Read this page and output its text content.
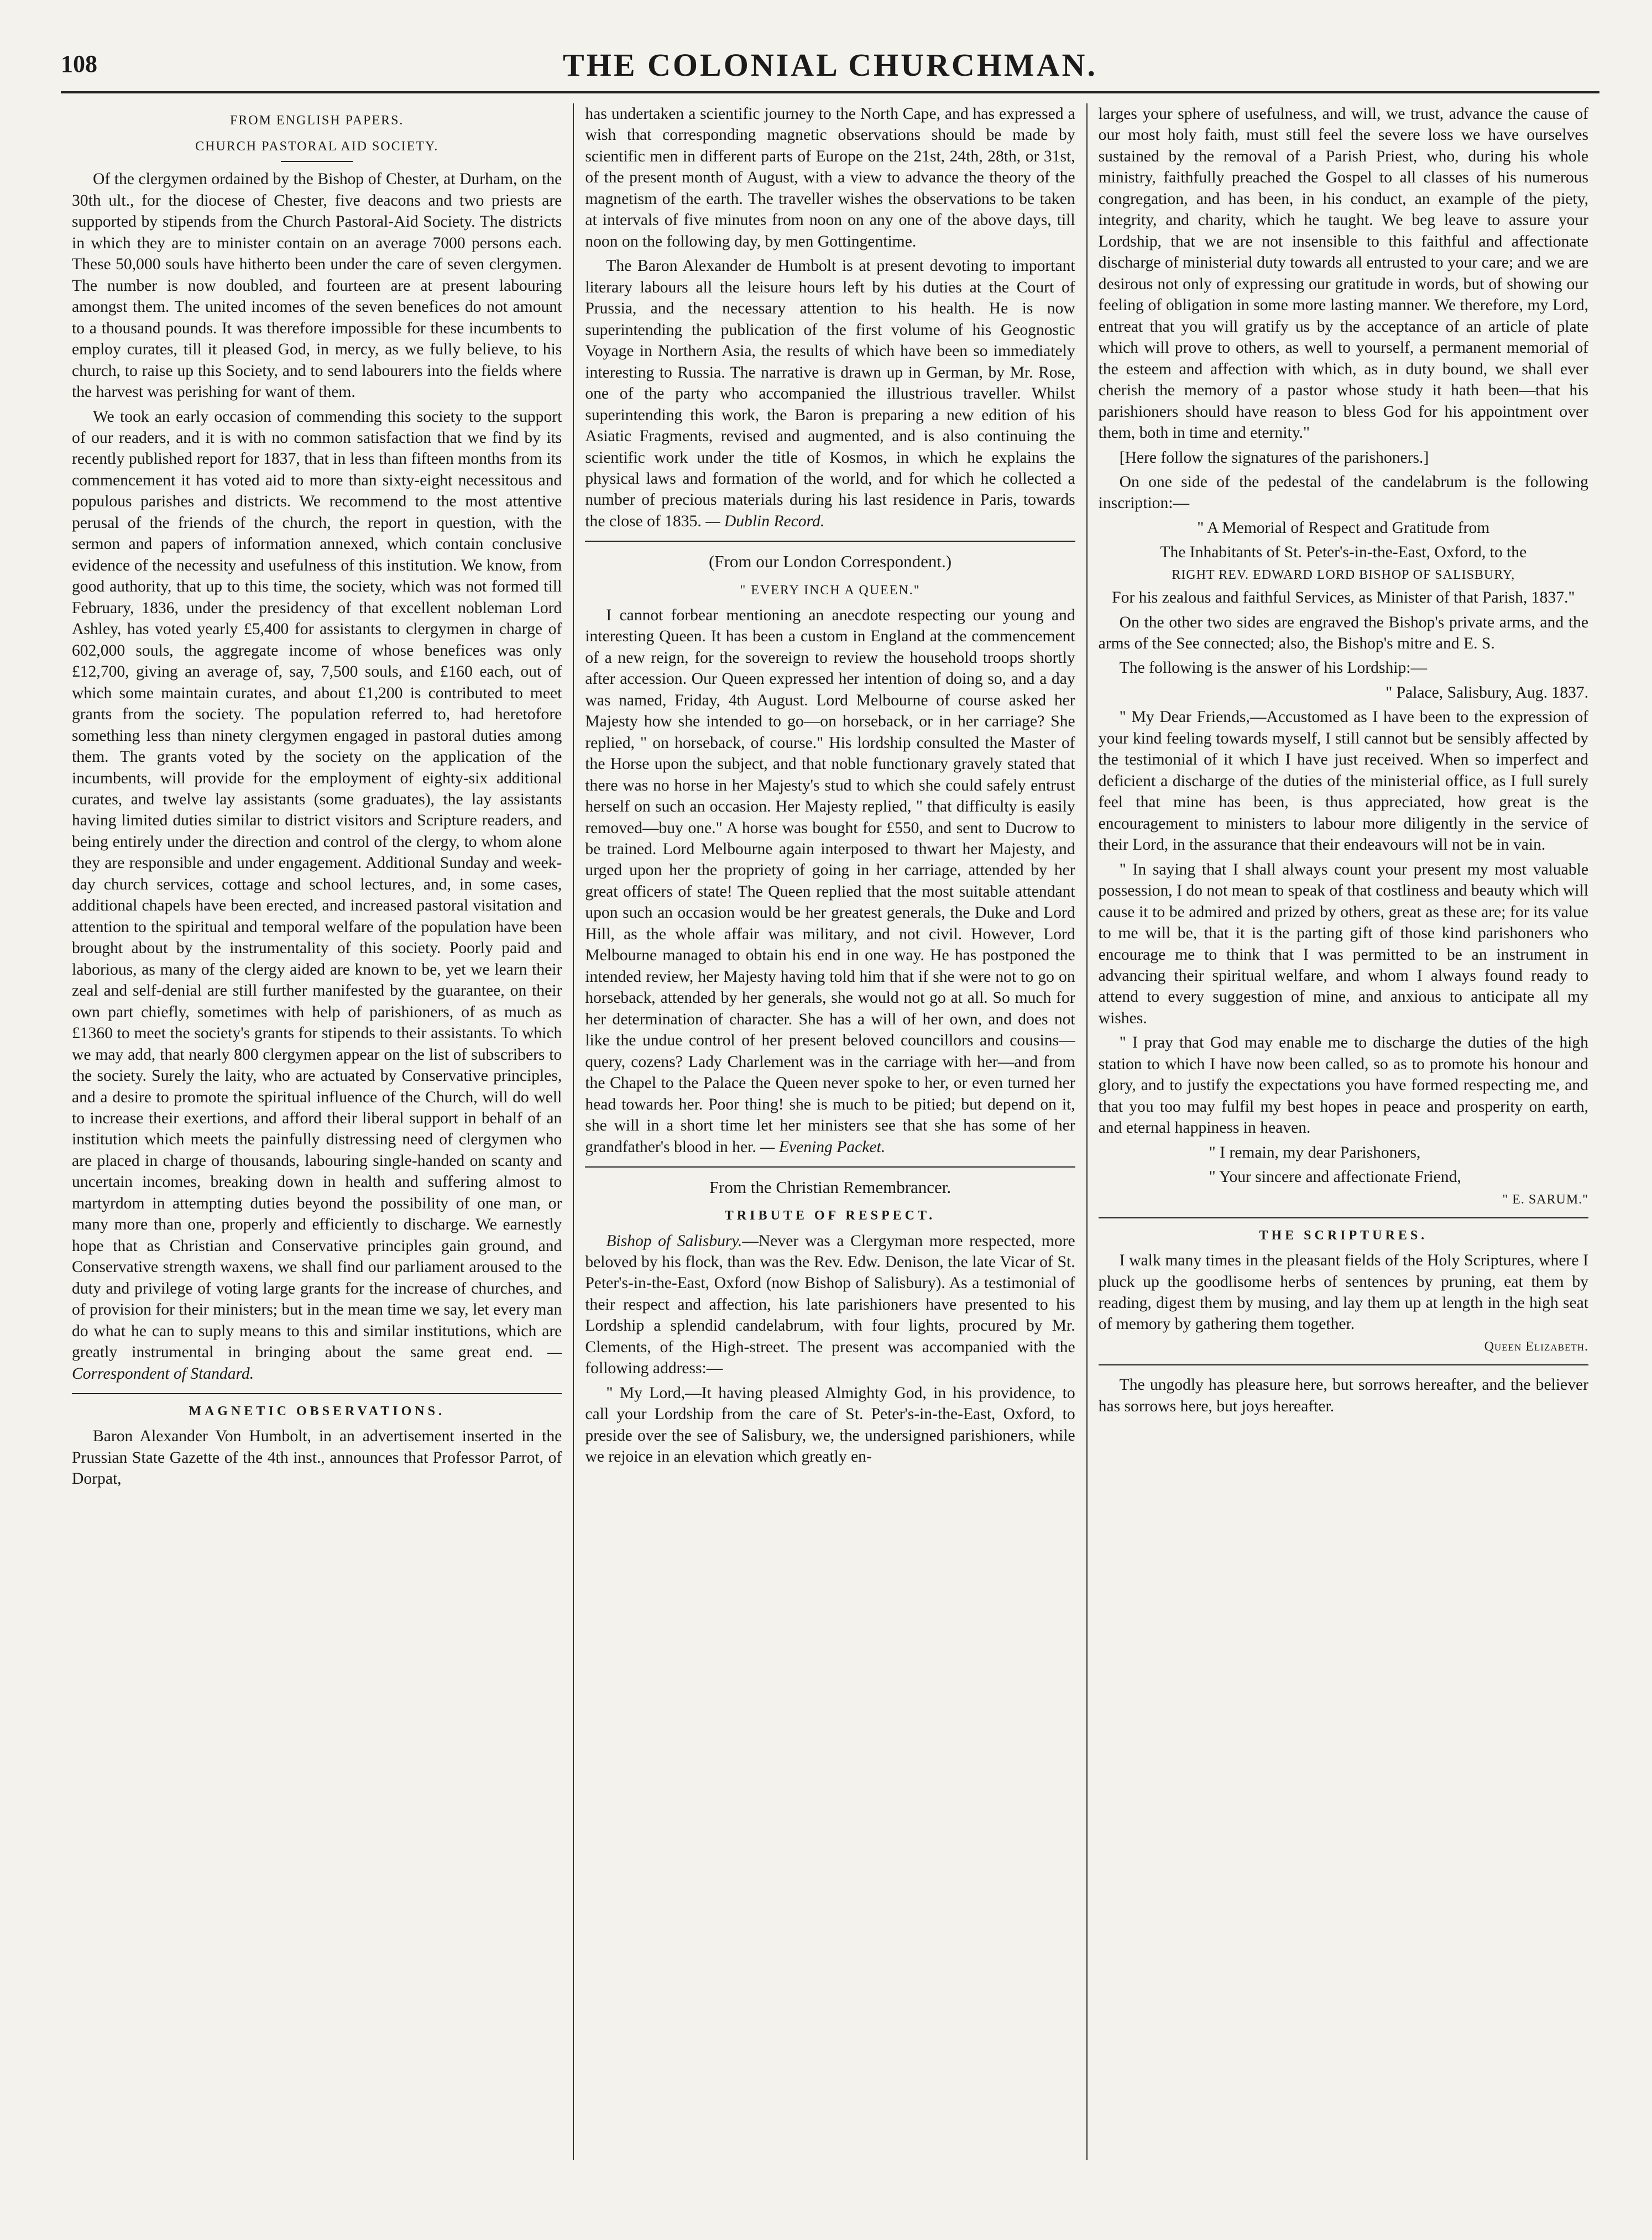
108	THE COLONIAL CHURCHMAN.
FROM ENGLISH PAPERS.
CHURCH PASTORAL AID SOCIETY.

Of the clergymen ordained by the Bishop of Chester, at Durham, on the 30th ult., for the diocese of Chester, five deacons and two priests are supported by stipends from the Church Pastoral-Aid Society. The districts in which they are to minister contain on an average 7000 persons each. These 50,000 souls have hitherto been under the care of seven clergymen. The number is now doubled, and fourteen are at present labouring amongst them. The united incomes of the seven benefices do not amount to a thousand pounds. It was therefore impossible for these incumbents to employ curates, till it pleased God, in mercy, as we fully believe, to his church, to raise up this Society, and to send labourers into the fields where the harvest was perishing for want of them.

We took an early occasion of commending this society to the support of our readers, and it is with no common satisfaction that we find by its recently published report for 1837, that in less than fifteen months from its commencement it has voted aid to more than sixty-eight necessitous and populous parishes and districts. We recommend to the most attentive perusal of the friends of the church, the report in question, with the sermon and papers of information annexed, which contain conclusive evidence of the necessity and usefulness of this institution. We know, from good authority, that up to this time, the society, which was not formed till February, 1836, under the presidency of that excellent nobleman Lord Ashley, has voted yearly £5,400 for assistants to clergymen in charge of 602,000 souls, the aggregate income of whose benefices was only £12,700, giving an average of, say, 7,500 souls, and £160 each, out of which some maintain curates, and about £1,200 is contributed to meet grants from the society. The population referred to, had heretofore something less than ninety clergymen engaged in pastoral duties among them. The grants voted by the society on the application of the incumbents, will provide for the employment of eighty-six additional curates, and twelve lay assistants (some graduates), the lay assistants having limited duties similar to district visitors and Scripture readers, and being entirely under the direction and control of the clergy, to whom alone they are responsible and under engagement. Additional Sunday and week-day church services, cottage and school lectures, and, in some cases, additional chapels have been erected, and increased pastoral visitation and attention to the spiritual and temporal welfare of the population have been brought about by the instrumentality of this society. Poorly paid and laborious, as many of the clergy aided are known to be, yet we learn their zeal and self-denial are still further manifested by the guarantee, on their own part chiefly, sometimes with help of parishioners, of as much as £1360 to meet the society's grants for stipends to their assistants. To which we may add, that nearly 800 clergymen appear on the list of subscribers to the society. Surely the laity, who are actuated by Conservative principles, and a desire to promote the spiritual influence of the Church, will do well to increase their exertions, and afford their liberal support in behalf of an institution which meets the painfully distressing need of clergymen who are placed in charge of thousands, labouring single-handed on scanty and uncertain incomes, breaking down in health and suffering almost to martyrdom in attempting duties beyond the possibility of one man, or many more than one, properly and efficiently to discharge. We earnestly hope that as Christian and Conservative principles gain ground, and Conservative strength waxens, we shall find our parliament aroused to the duty and privilege of voting large grants for the increase of churches, and of provision for their ministers; but in the mean time we say, let every man do what he can to suply means to this and similar institutions, which are greatly instrumental in bringing about the same great end. — Correspondent of Standard.

MAGNETIC OBSERVATIONS.

Baron Alexander Von Humbolt, in an advertisement inserted in the Prussian State Gazette of the 4th inst., announces that Professor Parrot, of Dorpat,

has undertaken a scientific journey to the North Cape, and has expressed a wish that corresponding magnetic observations should be made by scientific men in different parts of Europe on the 21st, 24th, 28th, or 31st, of the present month of August, with a view to advance the theory of the magnetism of the earth. The traveller wishes the observations to be taken at intervals of five minutes from noon on any one of the above days, till noon on the following day, by men Gottingentime.

The Baron Alexander de Humbolt is at present devoting to important literary labours all the leisure hours left by his duties at the Court of Prussia, and the necessary attention to his health. He is now superintending the publication of the first volume of his Geognostic Voyage in Northern Asia, the results of which have been so immediately interesting to Russia. The narrative is drawn up in German, by Mr. Rose, one of the party who accompanied the illustrious traveller. Whilst superintending this work, the Baron is preparing a new edition of his Asiatic Fragments, revised and augmented, and is also continuing the scientific work under the title of Kosmos, in which he explains the physical laws and formation of the world, and for which he collected a number of precious materials during his last residence in Paris, towards the close of 1835. — Dublin Record.

(From our London Correspondent.)
" EVERY INCH A QUEEN."

I cannot forbear mentioning an anecdote respecting our young and interesting Queen. It has been a custom in England at the commencement of a new reign, for the sovereign to review the household troops shortly after accession. Our Queen expressed her intention of doing so, and a day was named, Friday, 4th August. Lord Melbourne of course asked her Majesty how she intended to go—on horseback, or in her carriage? She replied, " on horseback, of course." His lordship consulted the Master of the Horse upon the subject, and that noble functionary gravely stated that there was no horse in her Majesty's stud to which she could safely entrust herself on such an occasion. Her Majesty replied, " that difficulty is easily removed—buy one." A horse was bought for £550, and sent to Ducrow to be trained. Lord Melbourne again interposed to thwart her Majesty, and urged upon her the propriety of going in her carriage, attended by her great officers of state! The Queen replied that the most suitable attendant upon such an occasion would be her greatest generals, the Duke and Lord Hill, as the whole affair was military, and not civil. However, Lord Melbourne managed to obtain his end in one way. He has postponed the intended review, her Majesty having told him that if she were not to go on horseback, attended by her generals, she would not go at all. So much for her determination of character. She has a will of her own, and does not like the undue control of her present beloved councillors and cousins—query, cozens? Lady Charlement was in the carriage with her—and from the Chapel to the Palace the Queen never spoke to her, or even turned her head towards her. Poor thing! she is much to be pitied; but depend on it, she will in a short time let her ministers see that she has some of her grandfather's blood in her. — Evening Packet.

From the Christian Remembrancer.
TRIBUTE OF RESPECT.

Bishop of Salisbury.—Never was a Clergyman more respected, more beloved by his flock, than was the Rev. Edw. Denison, the late Vicar of St. Peter's-in-the-East, Oxford (now Bishop of Salisbury). As a testimonial of their respect and affection, his late parishioners have presented to his Lordship a splendid candelabrum, with four lights, procured by Mr. Clements, of the High-street. The present was accompanied with the following address:—

" My Lord,—It having pleased Almighty God, in his providence, to call your Lordship from the care of St. Peter's-in-the-East, Oxford, to preside over the see of Salisbury, we, the undersigned parishioners, while we rejoice in an elevation which greatly en-

larges your sphere of usefulness, and will, we trust, advance the cause of our most holy faith, must still feel the severe loss we have ourselves sustained by the removal of a Parish Priest, who, during his whole ministry, faithfully preached the Gospel to all classes of his numerous congregation, and has been, in his conduct, an example of the piety, integrity, and charity, which he taught. We beg leave to assure your Lordship, that we are not insensible to this faithful and affectionate discharge of ministerial duty towards all entrusted to your care; and we are desirous not only of expressing our gratitude in words, but of showing our feeling of obligation in some more lasting manner. We therefore, my Lord, entreat that you will gratify us by the acceptance of an article of plate which will prove to others, as well to yourself, a permanent memorial of the esteem and affection with which, as in duty bound, we shall ever cherish the memory of a pastor whose study it hath been—that his parishioners should have reason to bless God for his appointment over them, both in time and eternity."

[Here follow the signatures of the parishoners.]

On one side of the pedestal of the candelabrum is the following inscription:—

" A Memorial of Respect and Gratitude from

The Inhabitants of St. Peter's-in-the-East, Oxford, to the

RIGHT REV. EDWARD LORD BISHOP OF SALISBURY,

For his zealous and faithful Services, as Minister of that Parish, 1837."

On the other two sides are engraved the Bishop's private arms, and the arms of the See connected; also, the Bishop's mitre and E. S.

The following is the answer of his Lordship:—

" Palace, Salisbury, Aug. 1837.

" My Dear Friends,—Accustomed as I have been to the expression of your kind feeling towards myself, I still cannot but be sensibly affected by the testimonial of it which I have just received. When so imperfect and deficient a discharge of the duties of the ministerial office, as I full surely feel that mine has been, is thus appreciated, how great is the encouragement to ministers to labour more diligently in the service of their Lord, in the assurance that their endeavours will not be in vain.

" In saying that I shall always count your present my most valuable possession, I do not mean to speak of that costliness and beauty which will cause it to be admired and prized by others, great as these are; for its value to me will be, that it is the parting gift of those kind parishoners who encourage me to think that I was permitted to be an instrument in advancing their spiritual welfare, and whom I always found ready to attend to every suggestion of mine, and anxious to anticipate all my wishes.

" I pray that God may enable me to discharge the duties of the high station to which I have now been called, so as to promote his honour and glory, and to justify the expectations you have formed respecting me, and that you too may fulfil my best hopes in peace and prosperity on earth, and eternal happiness in heaven.

" I remain, my dear Parishoners,

" Your sincere and affectionate Friend,

" E. SARUM."

THE SCRIPTURES.

I walk many times in the pleasant fields of the Holy Scriptures, where I pluck up the goodlisome herbs of sentences by pruning, eat them by reading, digest them by musing, and lay them up at length in the high seat of memory by gathering them together.

Queen Elizabeth.

The ungodly has pleasure here, but sorrows hereafter, and the believer has sorrows here, but joys hereafter.
